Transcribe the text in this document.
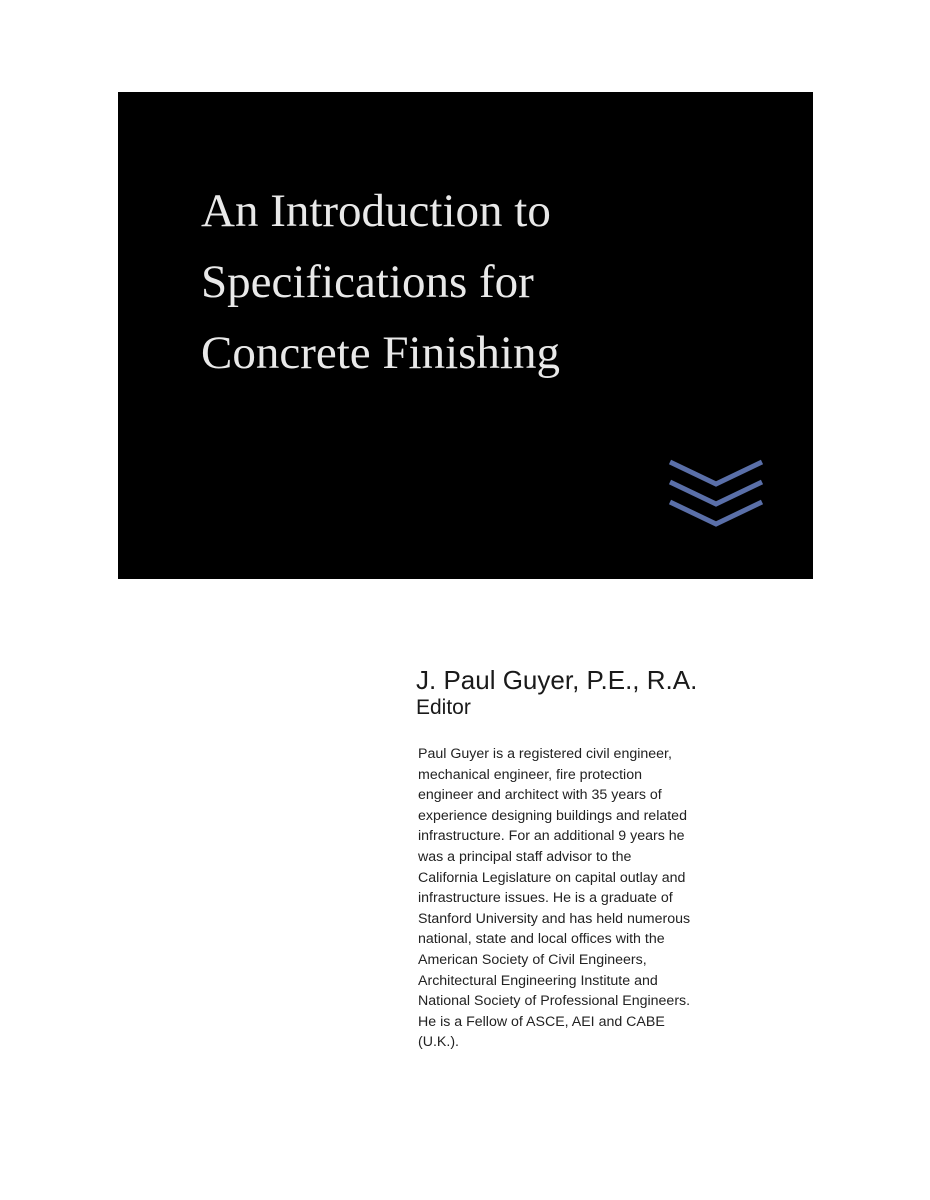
An Introduction to
Specifications for
Concrete Finishing
J. Paul Guyer, P.E., R.A.
Editor
Paul Guyer is a registered civil engineer,
mechanical engineer, fire protection
engineer and architect with 35 years of
experience designing buildings and related
infrastructure. For an additional 9 years he
was a principal staff advisor to the
California Legislature on capital outlay and
infrastructure issues. He is a graduate of
Stanford University and has held numerous
national, state and local offices with the
American Society of Civil Engineers,
Architectural Engineering Institute and
National Society of Professional Engineers.
He is a Fellow of ASCE, AEI and CABE
(U.K.).
